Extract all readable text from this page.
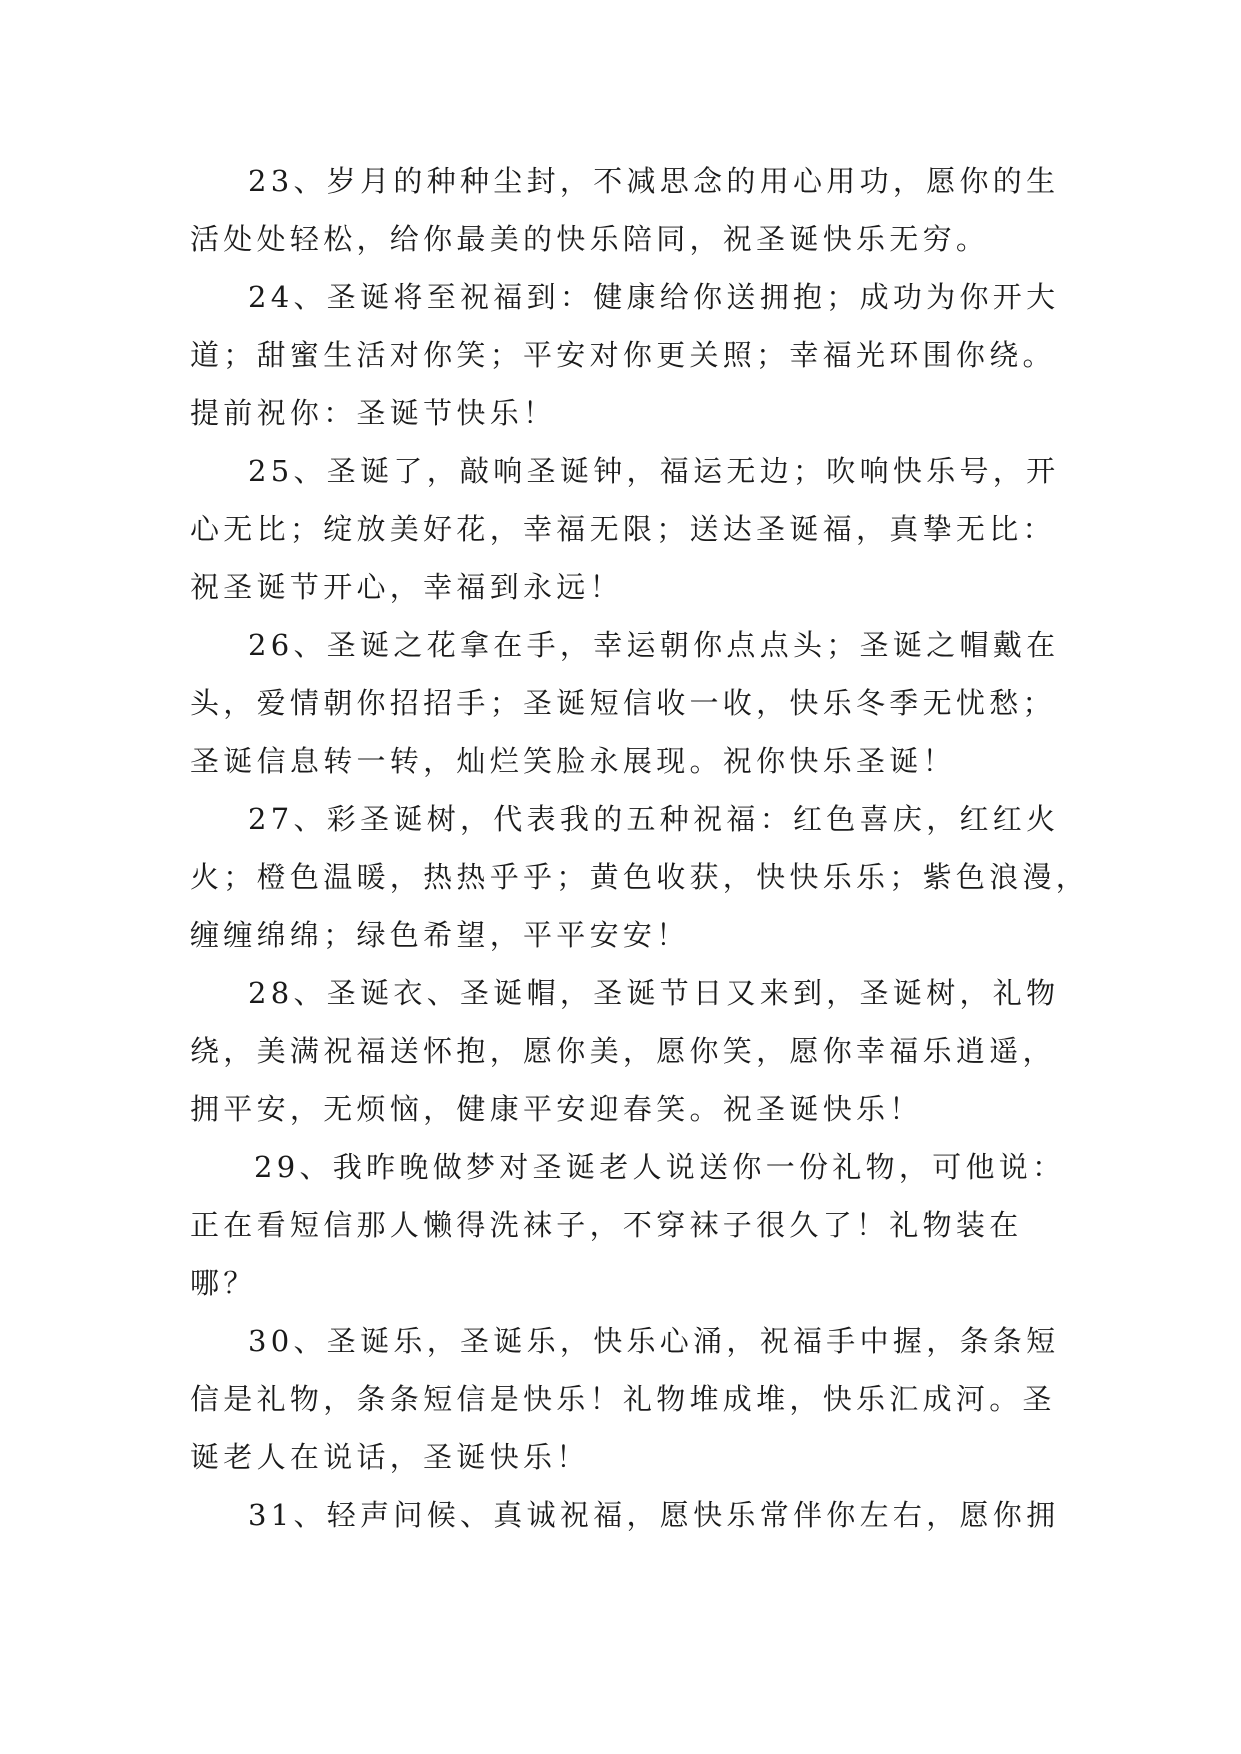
23、岁月的种种尘封，不减思念的用心用功，愿你的生
活处处轻松，给你最美的快乐陪同，祝圣诞快乐无穷。

24、圣诞将至祝福到：健康给你送拥抱；成功为你开大
道；甜蜜生活对你笑；平安对你更关照；幸福光环围你绕。
提前祝你：圣诞节快乐！

25、圣诞了，敲响圣诞钟，福运无边；吹响快乐号，开
心无比；绽放美好花，幸福无限；送达圣诞福，真挚无比：
祝圣诞节开心，幸福到永远！

26、圣诞之花拿在手，幸运朝你点点头；圣诞之帽戴在
头，爱情朝你招招手；圣诞短信收一收，快乐冬季无忧愁；
圣诞信息转一转，灿烂笑脸永展现。祝你快乐圣诞！

27、彩圣诞树，代表我的五种祝福：红色喜庆，红红火
火；橙色温暖，热热乎乎；黄色收获，快快乐乐；紫色浪漫，
缠缠绵绵；绿色希望，平平安安！

28、圣诞衣、圣诞帽，圣诞节日又来到，圣诞树，礼物
绕，美满祝福送怀抱，愿你美，愿你笑，愿你幸福乐逍遥，
拥平安，无烦恼，健康平安迎春笑。祝圣诞快乐！

29、我昨晚做梦对圣诞老人说送你一份礼物，可他说：
正在看短信那人懒得洗袜子，不穿袜子很久了！礼物装在
哪？

30、圣诞乐，圣诞乐，快乐心涌，祝福手中握，条条短
信是礼物，条条短信是快乐！礼物堆成堆，快乐汇成河。圣
诞老人在说话，圣诞快乐！

31、轻声问候、真诚祝福，愿快乐常伴你左右，愿你拥
